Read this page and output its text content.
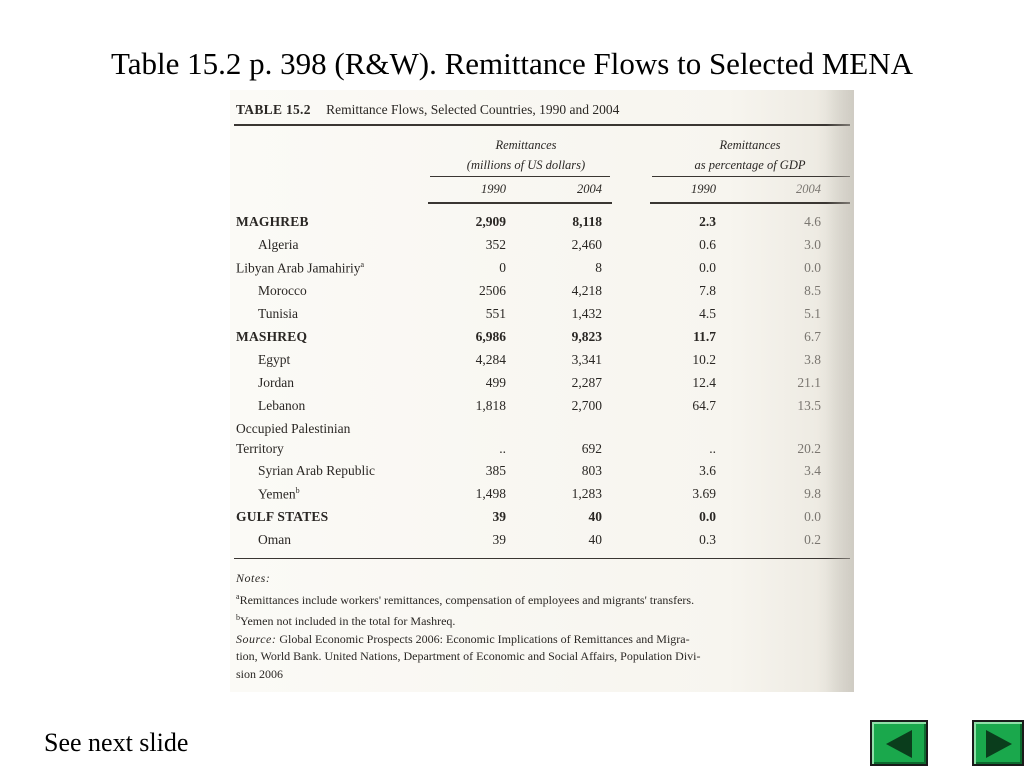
Table 15.2 p. 398 (R&W). Remittance Flows to Selected MENA
TABLE 15.2 Remittance Flows, Selected Countries, 1990 and 2004
Remittances
(millions of US dollars)
Remittances
as percentage of GDP
1990	2004	1990	2004
MAGHREB	2,909	8,118	2.3	4.6
Algeria	352	2,460	0.6	3.0
Libyan Arab Jamahiriy$^a$	0	8	0.0	0.0
Morocco	2506	4,218	7.8	8.5
Tunisia	551	1,432	4.5	5.1
MASHREQ	6,986	9,823	11.7	6.7
Egypt	4,284	3,341	10.2	3.8
Jordan	499	2,287	12.4	21.1
Lebanon	1,818	2,700	64.7	13.5
Occupied Palestinian
Territory	..	692	..	20.2
Syrian Arab Republic	385	803	3.6	3.4
Yemen$^b$	1,498	1,283	3.69	9.8
GULF STATES	39	40	0.0	0.0
Oman	39	40	0.3	0.2
Notes:
$^a$Remittances include workers' remittances, compensation of employees and migrants' transfers.
$^b$Yemen not included in the total for Mashreq.
Source: Global Economic Prospects 2006: Economic Implications of Remittances and Migra-
tion, World Bank. United Nations, Department of Economic and Social Affairs, Population Divi-
sion 2006
See next slide
